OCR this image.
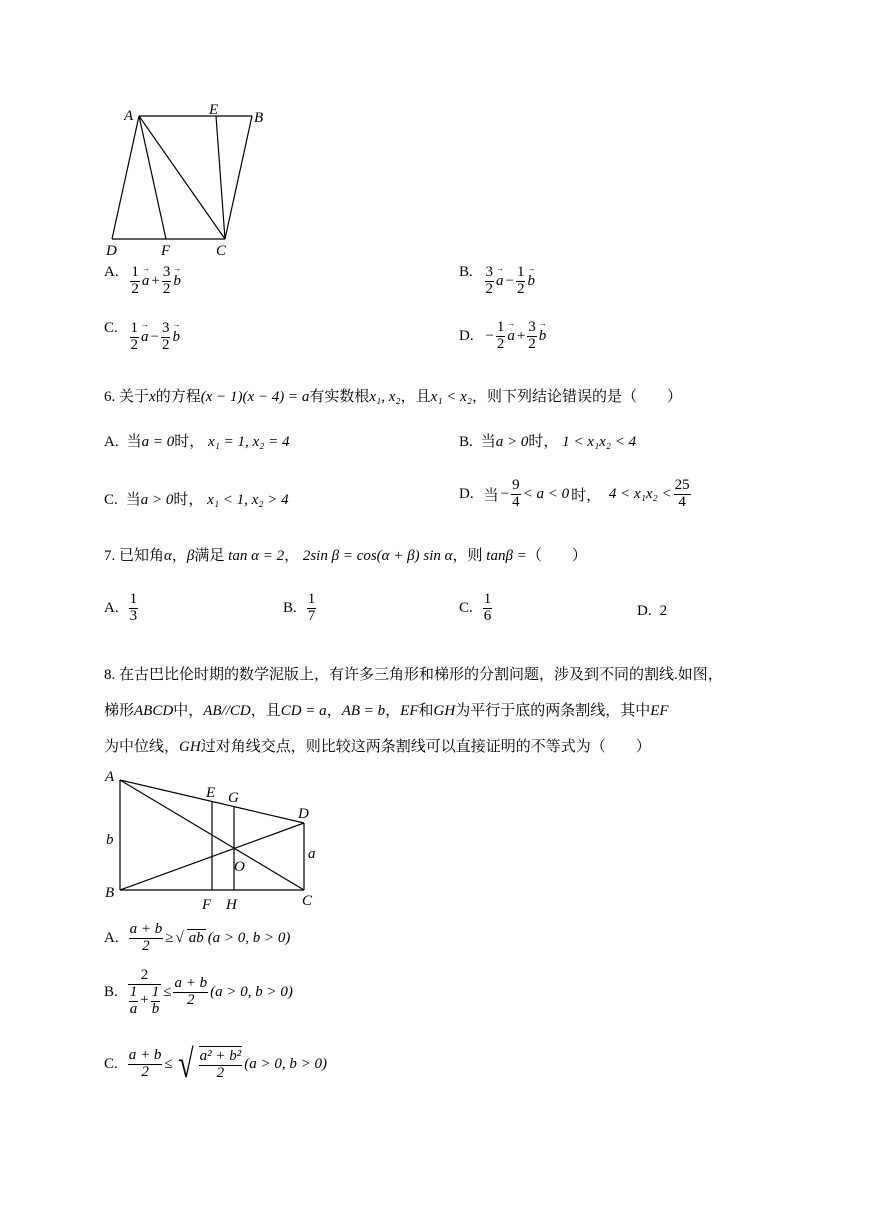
A	E B
D	F	C
A. $\frac{1}{2}$
→ $a + \frac{3}{2}$
→ b
B. $\frac{3}{2}$
→ $a - \frac{1}{2}$
→ b
C. $\frac{1}{2}$
→ $a - \frac{3}{2}$
→ b	D. − $\frac{1}{2}$
→ $a + \frac{3}{2}$
→ b
6. 关于x的方程(x − 1)(x − 4) = a有实数根x₁, x₂，且x₁ < x₂，则下列结论错误的是（　　）
A. 当a = 0时， x₁ = 1, x₂ = 4	B. 当a > 0时， 1 < x₁x₂ < 4
C. 当a > 0时， x₁ < 1, x₂ > 4	D. 当 − $\frac{9}{4} < a < 0$ 时，
$4 < x_1x_2 < \frac{25}{4}$
7. 已知角α，β满足 tan α = 2， 2sin β = cos(α + β) sin α，则 tanβ =（　　）
A. $\frac{1}{3}$	B. $\frac{1}{7}$	C. $\frac{1}{6}$	D. 2
8. 在古巴比伦时期的数学泥版上，有许多三角形和梯形的分割问题，涉及到不同的割线.如图，
梯形ABCD中，AB//CD，且CD = a，AB = b，EF和GH为平行于底的两条割线，其中EF
为中位线，GH过对角线交点，则比较这两条割线可以直接证明的不等式为（　　）
A
E G
D
b
a
O
B
F H	C
A. $\frac{a + b}{2}$ ≥ √ ab (a > 0, b > 0)
B. $\frac{2}{\frac{1}{a} + \frac{1}{b}} \le \frac{a + b}{2} (a > 0$, b > 0)
C. $\frac{a + b}{2}$ ≤ √ $\frac{\text{a² + b²}}{2} (a > 0$, b > 0)
